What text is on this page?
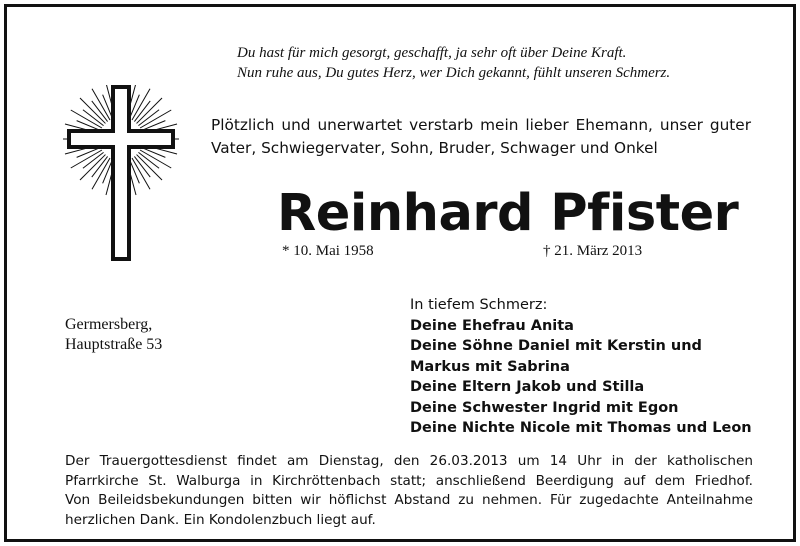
Du hast für mich gesorgt, geschafft, ja sehr oft über Deine Kraft.
Nun ruhe aus, Du gutes Herz, wer Dich gekannt, fühlt unseren Schmerz.
Plötzlich und unerwartet verstarb mein lieber Ehemann, unser guter
Vater, Schwiegervater, Sohn, Bruder, Schwager und Onkel
Reinhard Pfister
* 10. Mai 1958	† 21. März 2013
Germersberg,
Hauptstraße 53
In tiefem Schmerz:
Deine Ehefrau Anita
Deine Söhne Daniel mit Kerstin und
Markus mit Sabrina
Deine Eltern Jakob und Stilla
Deine Schwester Ingrid mit Egon
Deine Nichte Nicole mit Thomas und Leon
Der Trauergottesdienst findet am Dienstag, den 26.03.2013 um 14 Uhr in der katholischen
Pfarrkirche St. Walburga in Kirchröttenbach statt; anschließend Beerdigung auf dem Friedhof.
Von Beileidsbekundungen bitten wir höflichst Abstand zu nehmen. Für zugedachte Anteilnahme
herzlichen Dank. Ein Kondolenzbuch liegt auf.
